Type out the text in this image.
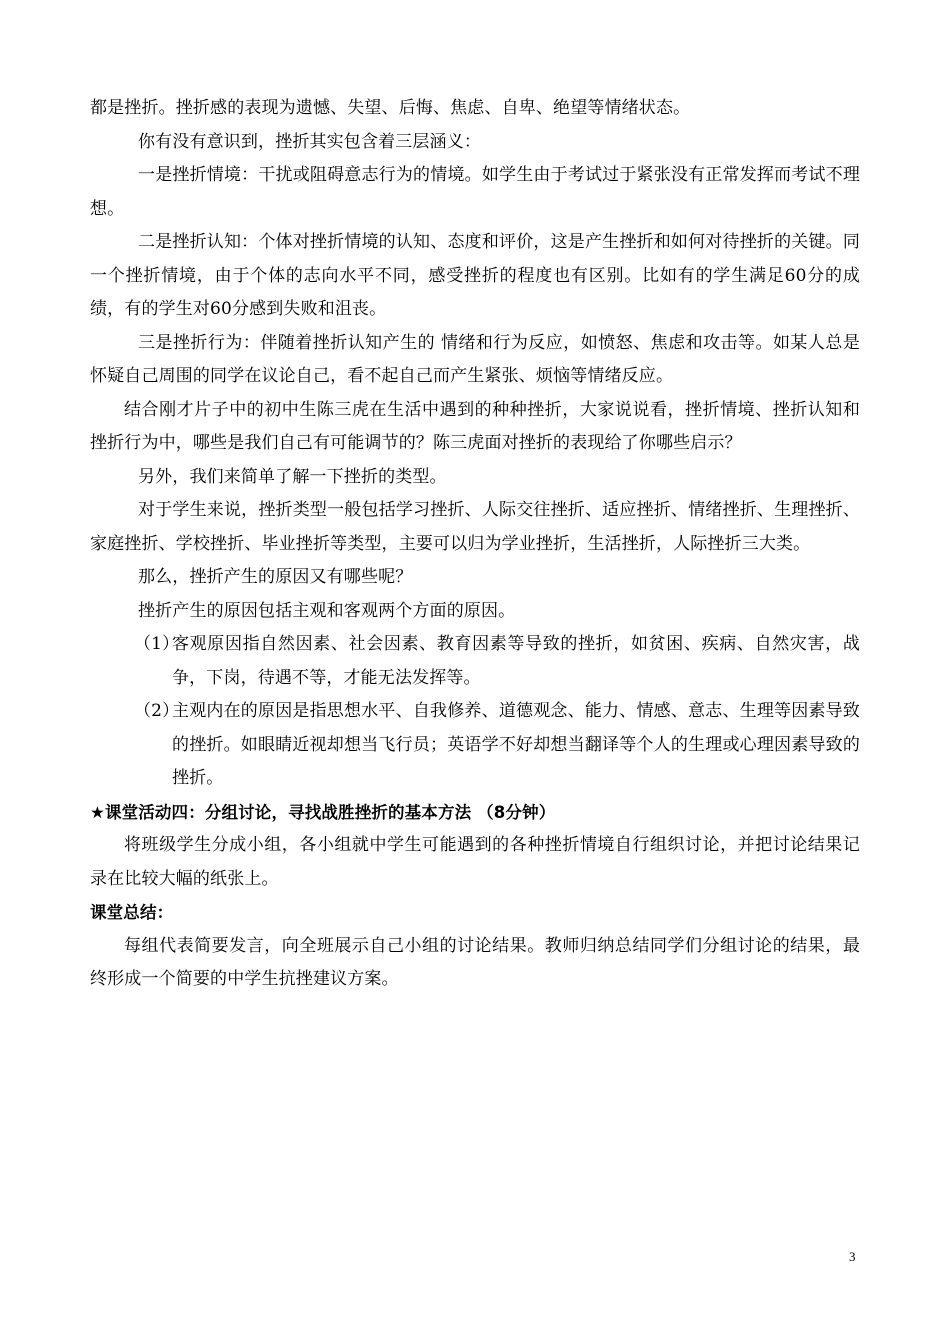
都是挫折。挫折感的表现为遗憾、失望、后悔、焦虑、自卑、绝望等情绪状态。

你有没有意识到，挫折其实包含着三层涵义：

一是挫折情境：干扰或阻碍意志行为的情境。如学生由于考试过于紧张没有正常发挥而考试不理想。

二是挫折认知：个体对挫折情境的认知、态度和评价，这是产生挫折和如何对待挫折的关键。同一个挫折情境，由于个体的志向水平不同，感受挫折的程度也有区别。比如有的学生满足60分的成绩，有的学生对60分感到失败和沮丧。

三是挫折行为：伴随着挫折认知产生的 情绪和行为反应，如愤怒、焦虑和攻击等。如某人总是怀疑自己周围的同学在议论自己，看不起自己而产生紧张、烦恼等情绪反应。

结合刚才片子中的初中生陈三虎在生活中遇到的种种挫折，大家说说看，挫折情境、挫折认知和挫折行为中，哪些是我们自己有可能调节的？陈三虎面对挫折的表现给了你哪些启示？

另外，我们来简单了解一下挫折的类型。

对于学生来说，挫折类型一般包括学习挫折、人际交往挫折、适应挫折、情绪挫折、生理挫折、家庭挫折、学校挫折、毕业挫折等类型，主要可以归为学业挫折，生活挫折，人际挫折三大类。

那么，挫折产生的原因又有哪些呢？

挫折产生的原因包括主观和客观两个方面的原因。

（1）
客观原因指自然因素、社会因素、教育因素等导致的挫折，如贫困、疾病、自然灾害，战争，下岗，待遇不等，才能无法发挥等。
（2）
主观内在的原因是指思想水平、自我修养、道德观念、能力、情感、意志、生理等因素导致的挫折。如眼睛近视却想当飞行员；英语学不好却想当翻译等个人的生理或心理因素导致的挫折。

★课堂活动四：分组讨论，寻找战胜挫折的基本方法 （8分钟）

将班级学生分成小组，各小组就中学生可能遇到的各种挫折情境自行组织讨论，并把讨论结果记录在比较大幅的纸张上。

课堂总结：

每组代表简要发言，向全班展示自己小组的讨论结果。教师归纳总结同学们分组讨论的结果，最终形成一个简要的中学生抗挫建议方案。

3
